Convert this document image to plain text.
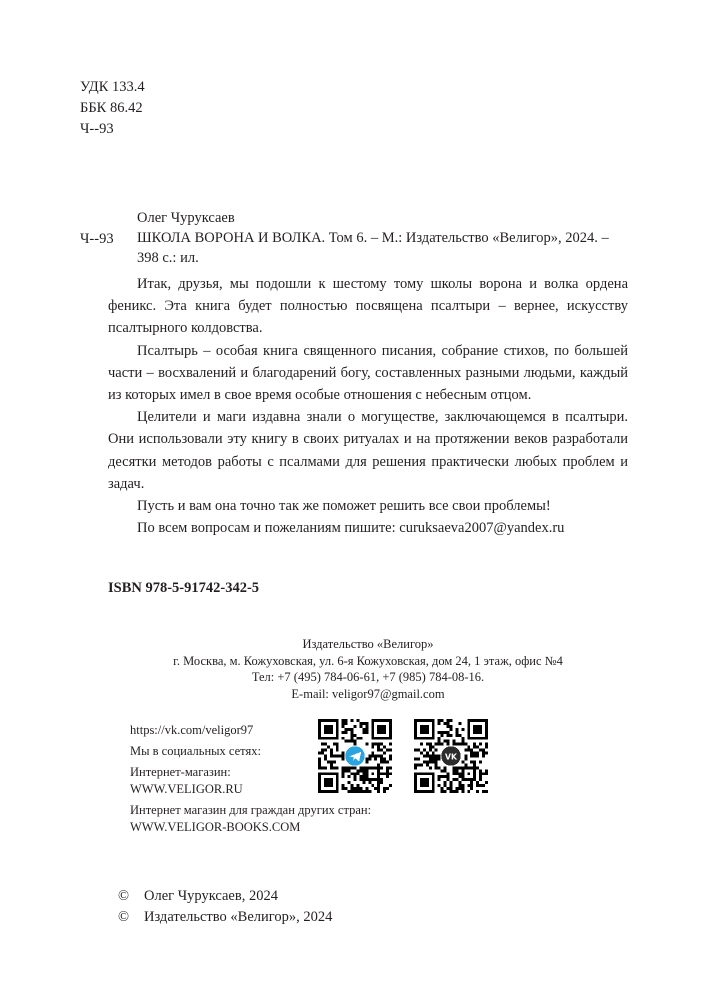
УДК 133.4
ББК 86.42
Ч--93
Ч--93
Олег Чуруксаев
ШКОЛА ВОРОНА И ВОЛКА. Том 6. – М.: Издательство «Велигор», 2024. –
398 с.: ил.

Итак, друзья, мы подошли к шестому тому школы ворона и волка ордена феникс. Эта книга будет полностью посвящена псалтыри – вернее, искусству псалтырного колдовства.

Псалтырь – особая книга священного писания, собрание стихов, по большей части – восхвалений и благодарений богу, составленных разными людьми, каждый из которых имел в свое время особые отношения с небесным отцом.

Целители и маги издавна знали о могуществе, заключающемся в псалтыри. Они использовали эту книгу в своих ритуалах и на протяжении веков разработали десятки методов работы с псалмами для решения практически любых проблем и задач.

Пусть и вам она точно так же поможет решить все свои проблемы!

По всем вопросам и пожеланиям пишите: curuksaeva2007@yandex.ru

ISBN 978-5-91742-342-5
Издательство «Велигор»
г. Москва, м. Кожуховская, ул. 6-я Кожуховская, дом 24, 1 этаж, офис №4
Тел: +7 (495) 784-06-61, +7 (985) 784-08-16.
E-mail: veligor97@gmail.com
https://vk.com/veligor97
Мы в социальных сетях:
Интернет-магазин:
WWW.VELIGOR.RU
Интернет магазин для граждан других стран:
WWW.VELIGOR-BOOKS.COM
VK
© Олег Чуруксаев, 2024
© Издательство «Велигор», 2024
